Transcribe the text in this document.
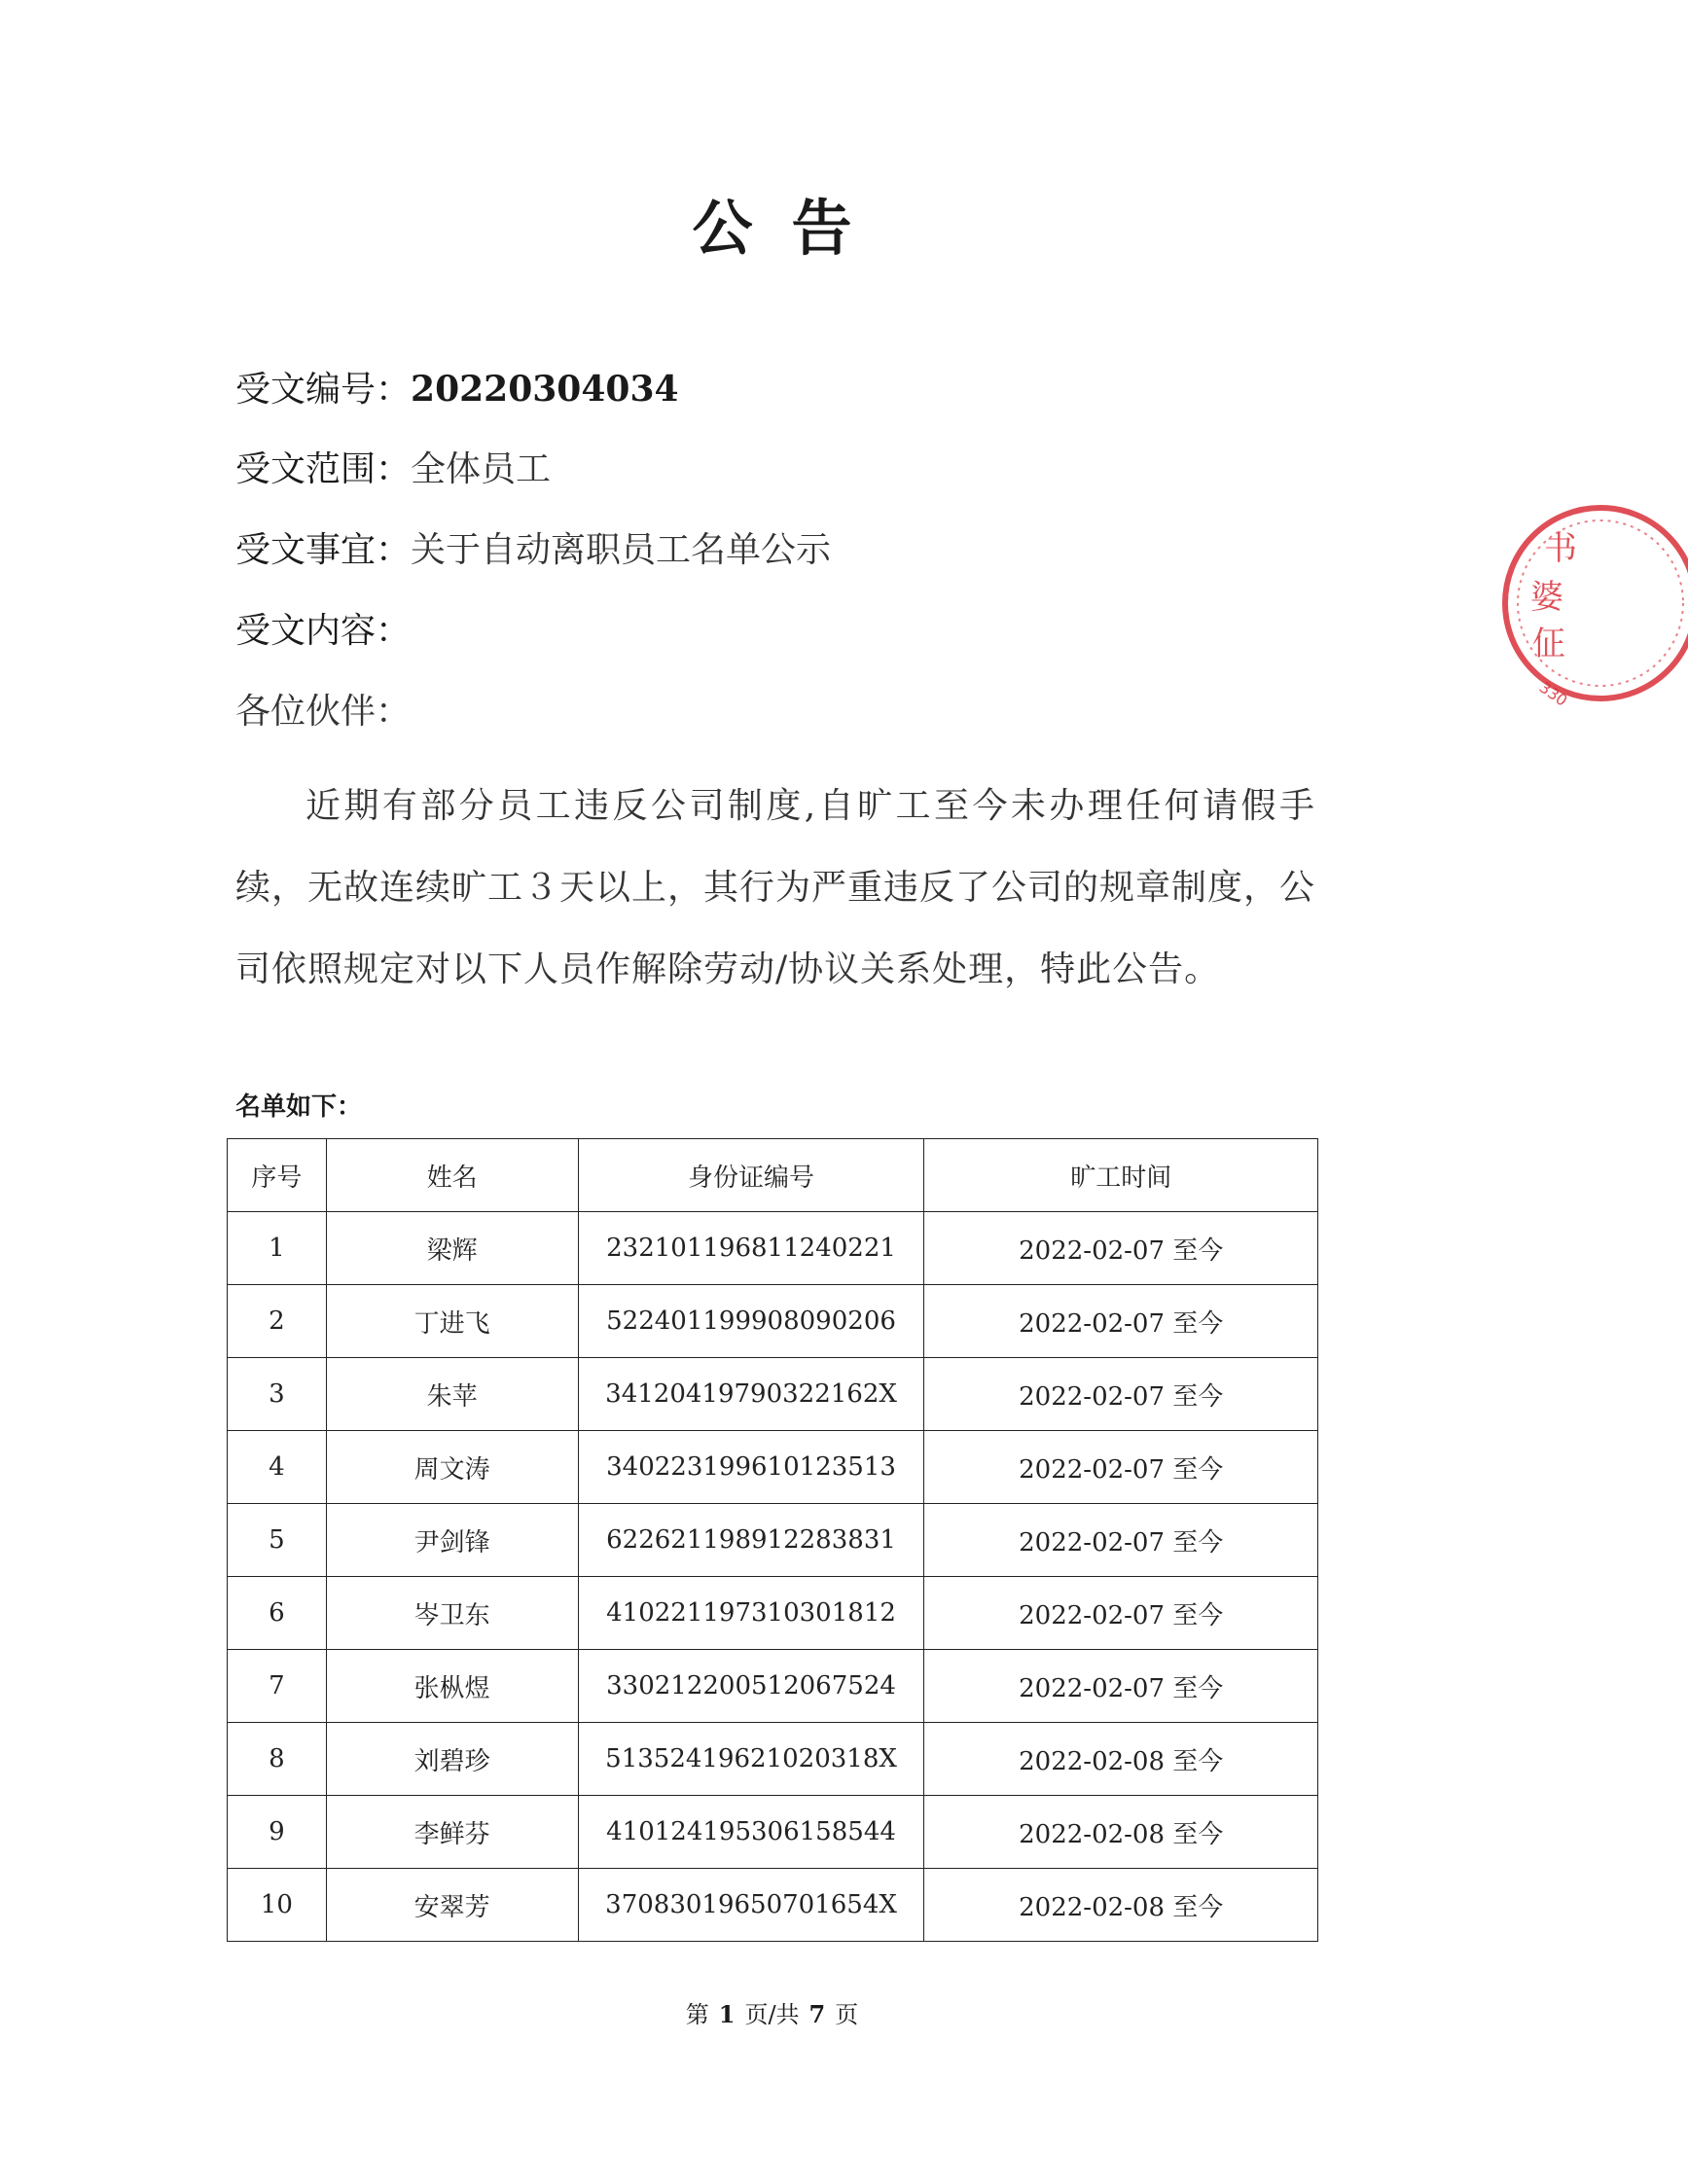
公告
受文编号：20220304034
受文范围：全体员工
受文事宜：关于自动离职员工名单公示
受文内容：
各位伙伴：
近期有部分员工违反公司制度,自旷工至今未办理任何请假手续，无故连续旷工３天以上，其行为严重违反了公司的规章制度，公司依照规定对以下人员作解除劳动/协议关系处理，特此公告。
名单如下：
序号	姓名	身份证编号	旷工时间
1	梁辉	232101196811240221	2022-02-07 至今
2	丁进飞	522401199908090206	2022-02-07 至今
3	朱苹	34120419790322162X	2022-02-07 至今
4	周文涛	340223199610123513	2022-02-07 至今
5	尹剑锋	622621198912283831	2022-02-07 至今
6	岑卫东	410221197310301812	2022-02-07 至今
7	张枞煜	330212200512067524	2022-02-07 至今
8	刘碧珍	51352419621020318X	2022-02-08 至今
9	李鲜芬	410124195306158544	2022-02-08 至今
10	安翠芳	37083019650701654X	2022-02-08 至今
第 1 页/共 7 页
书
婆
佂
330
